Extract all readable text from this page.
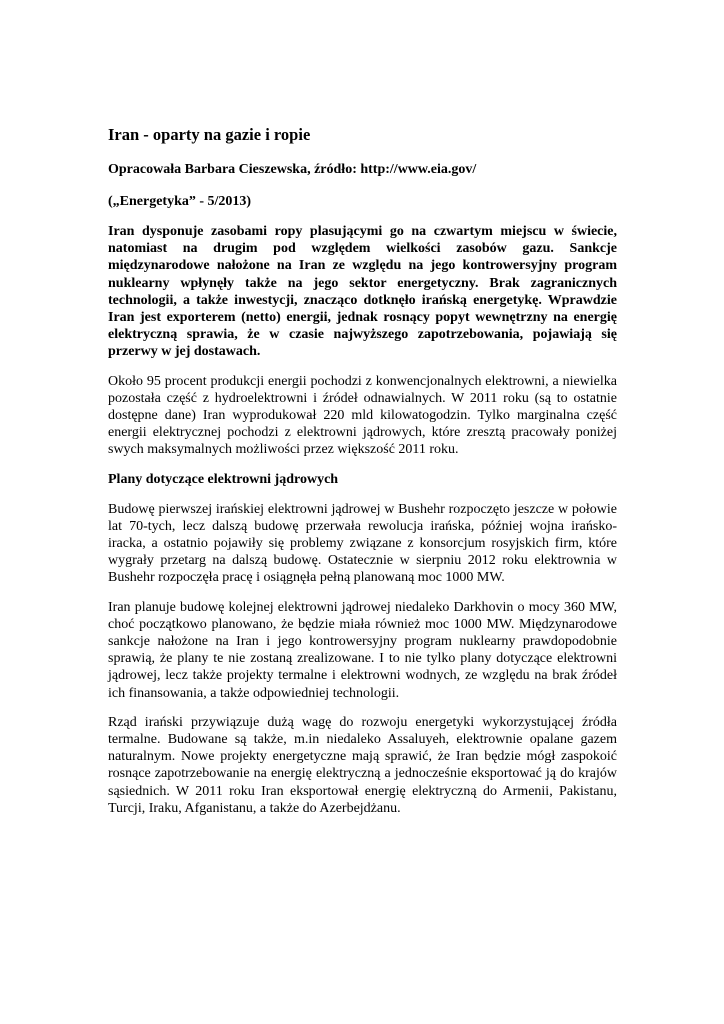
Iran - oparty na gazie i ropie

Opracowała Barbara Cieszewska, źródło: http://www.eia.gov/

(„Energetyka” - 5/2013)

Iran dysponuje zasobami ropy plasującymi go na czwartym miejscu w świecie, natomiast na drugim pod względem wielkości zasobów gazu. Sankcje międzynarodowe nałożone na Iran ze względu na jego kontrowersyjny program nuklearny wpłynęły także na jego sektor energetyczny. Brak zagranicznych technologii, a także inwestycji, znacząco dotknęło irańską energetykę. Wprawdzie Iran jest exporterem (netto) energii, jednak rosnący popyt wewnętrzny na energię elektryczną sprawia, że w czasie najwyższego zapotrzebowania, pojawiają się przerwy w jej dostawach.

Około 95 procent produkcji energii pochodzi z konwencjonalnych elektrowni, a niewielka pozostała część z hydroelektrowni i źródeł odnawialnych. W 2011 roku (są to ostatnie dostępne dane) Iran wyprodukował 220 mld kilowatogodzin. Tylko marginalna część energii elektrycznej pochodzi z elektrowni jądrowych, które zresztą pracowały poniżej swych maksymalnych możliwości przez większość 2011 roku.

Plany dotyczące elektrowni jądrowych

Budowę pierwszej irańskiej elektrowni jądrowej w Bushehr rozpoczęto jeszcze w połowie lat 70-tych, lecz dalszą budowę przerwała rewolucja irańska, później wojna irańsko-iracka, a ostatnio pojawiły się problemy związane z konsorcjum rosyjskich firm, które wygrały przetarg na dalszą budowę. Ostatecznie w sierpniu 2012 roku elektrownia w Bushehr rozpoczęła pracę i osiągnęła pełną planowaną moc 1000 MW.

Iran planuje budowę kolejnej elektrowni jądrowej niedaleko Darkhovin o mocy 360 MW, choć początkowo planowano, że będzie miała również moc 1000 MW. Międzynarodowe sankcje nałożone na Iran i jego kontrowersyjny program nuklearny prawdopodobnie sprawią, że plany te nie zostaną zrealizowane. I to nie tylko plany dotyczące elektrowni jądrowej, lecz także projekty termalne i elektrowni wodnych, ze względu na brak źródeł ich finansowania, a także odpowiedniej technologii.

Rząd irański przywiązuje dużą wagę do rozwoju energetyki wykorzystującej źródła termalne. Budowane są także, m.in niedaleko Assaluyeh, elektrownie opalane gazem naturalnym. Nowe projekty energetyczne mają sprawić, że Iran będzie mógł zaspokoić rosnące zapotrzebowanie na energię elektryczną a jednocześnie eksportować ją do krajów sąsiednich. W 2011 roku Iran eksportował energię elektryczną do Armenii, Pakistanu, Turcji, Iraku, Afganistanu, a także do Azerbejdżanu.
